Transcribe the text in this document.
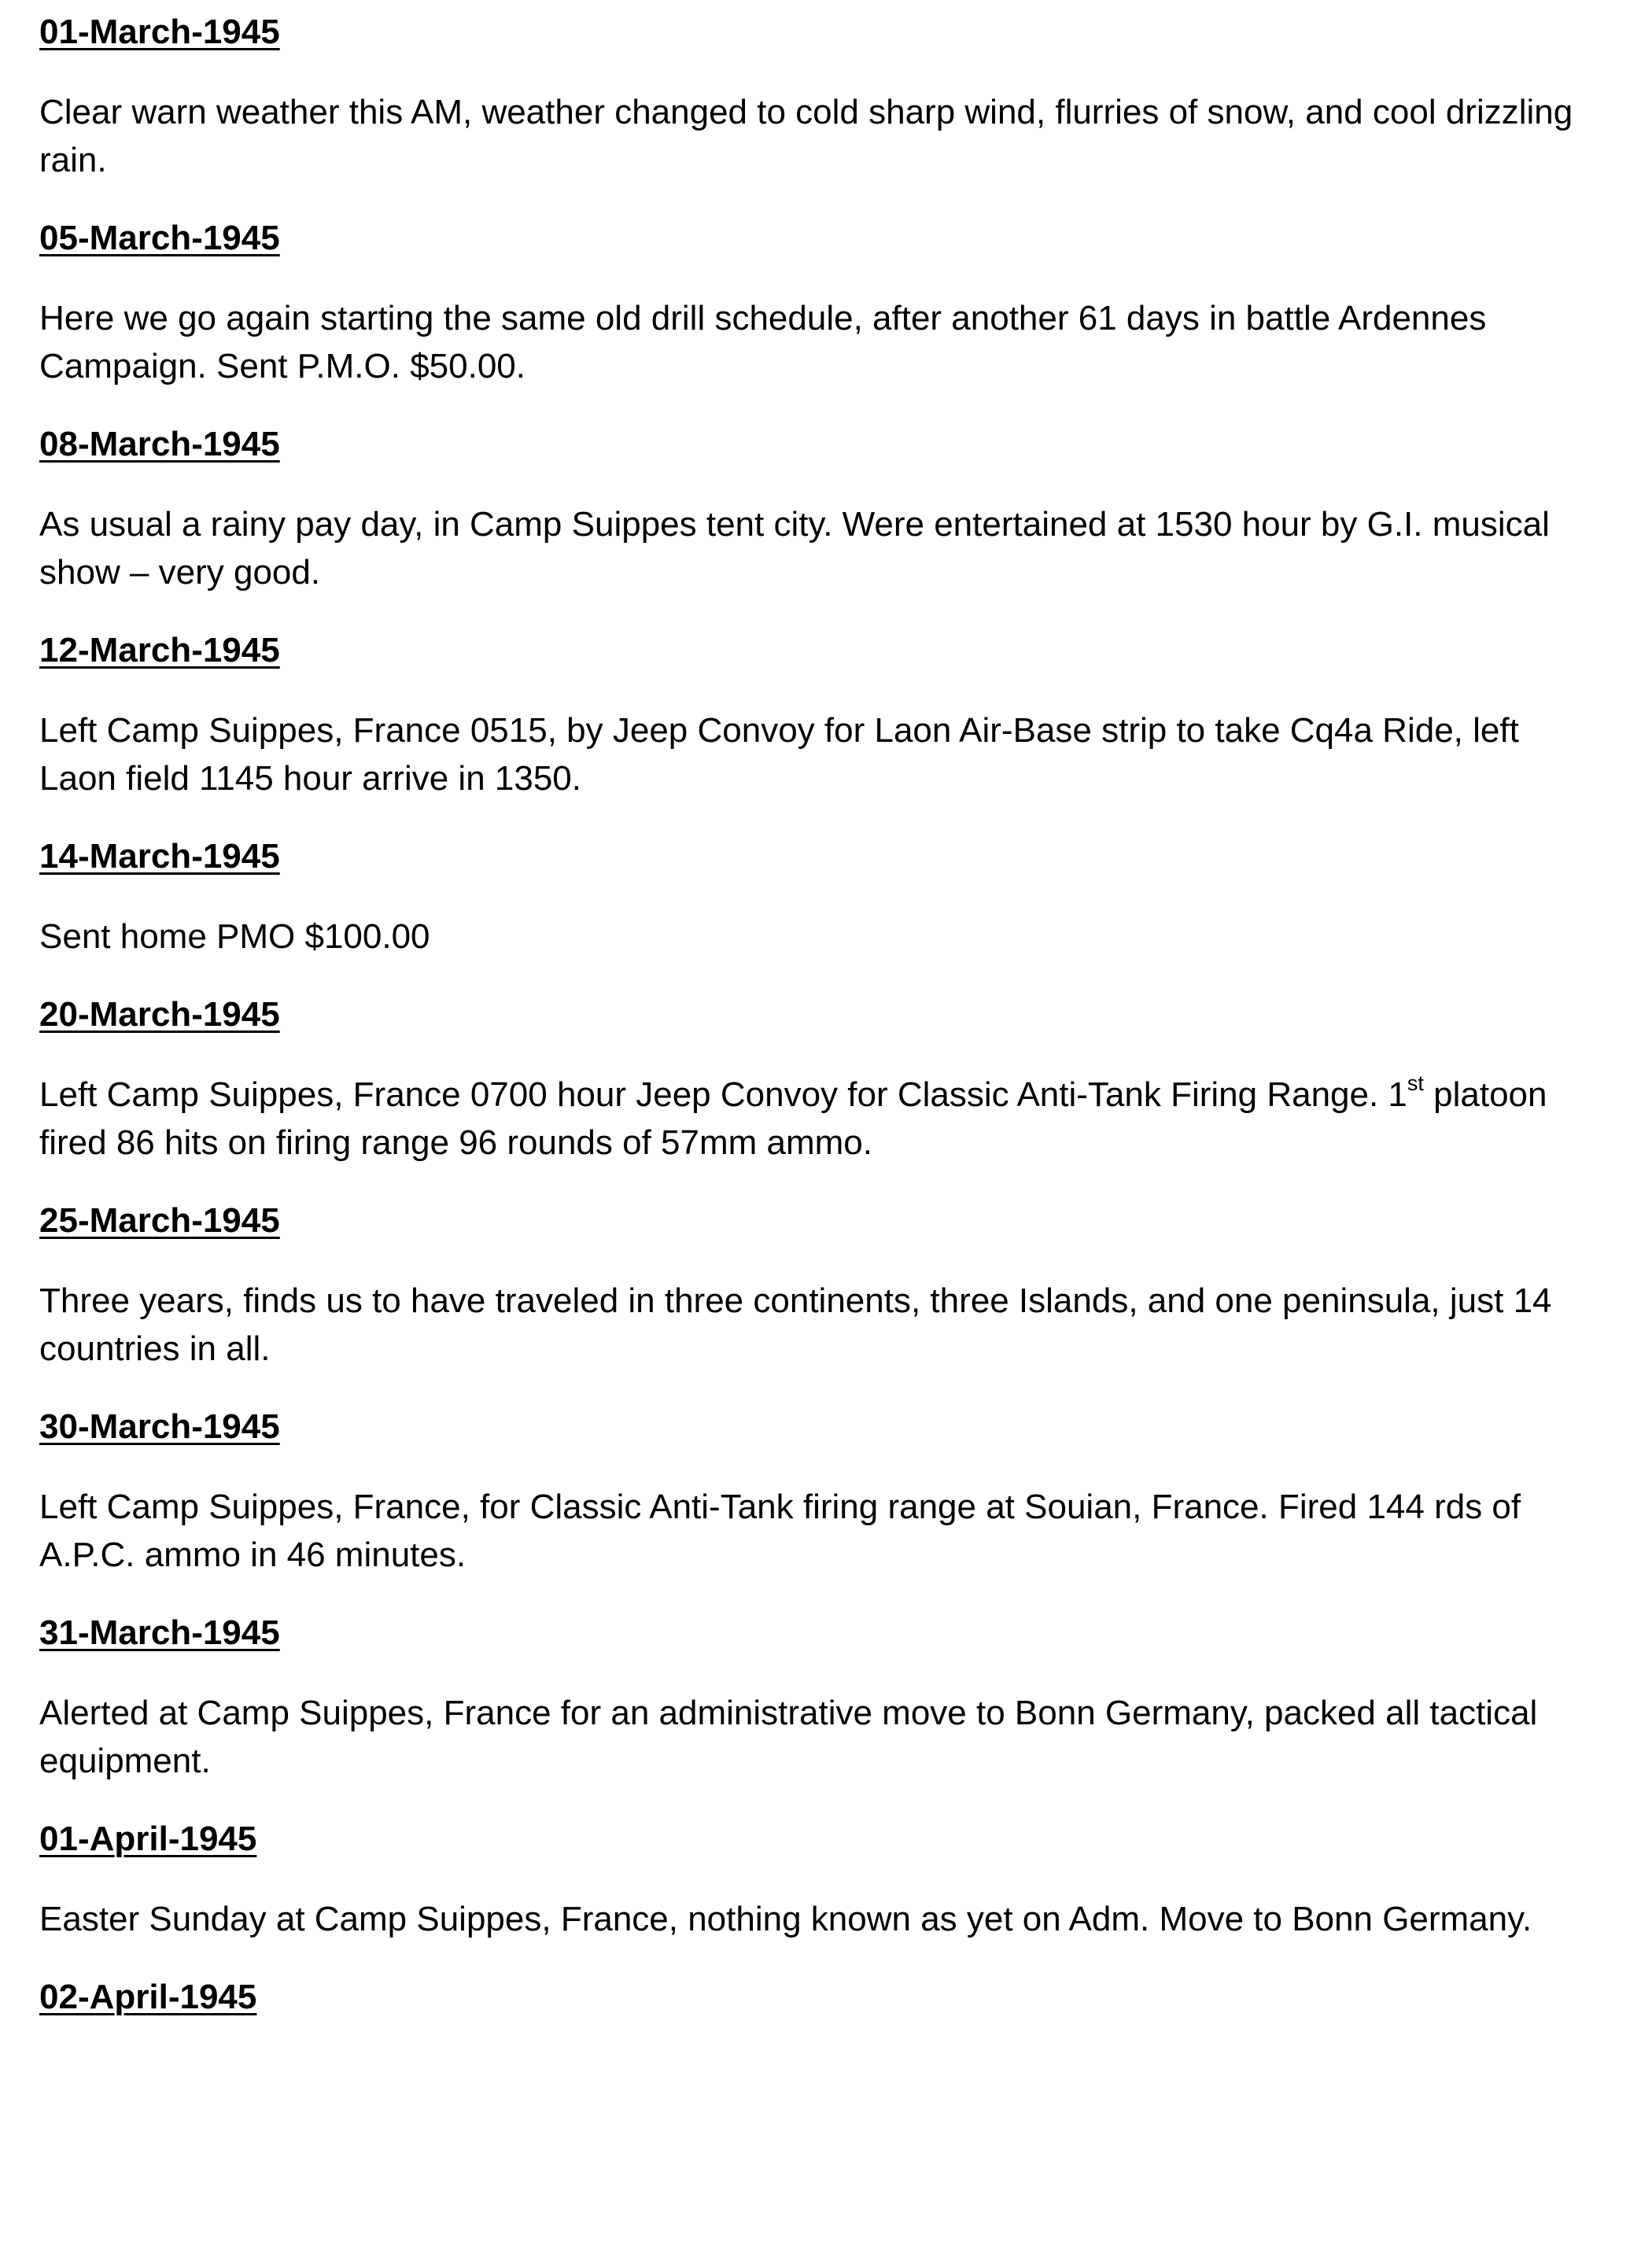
01-March-1945

Clear warn weather this AM, weather changed to cold sharp wind, flurries of snow, and cool drizzling rain.

05-March-1945

Here we go again starting the same old drill schedule, after another 61 days in battle Ardennes Campaign. Sent P.M.O. $50.00.

08-March-1945

As usual a rainy pay day, in Camp Suippes tent city. Were entertained at 1530 hour by G.I. musical show – very good.

12-March-1945

Left Camp Suippes, France 0515, by Jeep Convoy for Laon Air-Base strip to take Cq4a Ride, left Laon field 1145 hour arrive in 1350.

14-March-1945

Sent home PMO $100.00

20-March-1945

Left Camp Suippes, France 0700 hour Jeep Convoy for Classic Anti-Tank Firing Range. 1st platoon fired 86 hits on firing range 96 rounds of 57mm ammo.

25-March-1945

Three years, finds us to have traveled in three continents, three Islands, and one peninsula, just 14 countries in all.

30-March-1945

Left Camp Suippes, France, for Classic Anti-Tank firing range at Souian, France. Fired 144 rds of A.P.C. ammo in 46 minutes.

31-March-1945

Alerted at Camp Suippes, France for an administrative move to Bonn Germany, packed all tactical equipment.

01-April-1945

Easter Sunday at Camp Suippes, France, nothing known as yet on Adm. Move to Bonn Germany.

02-April-1945
